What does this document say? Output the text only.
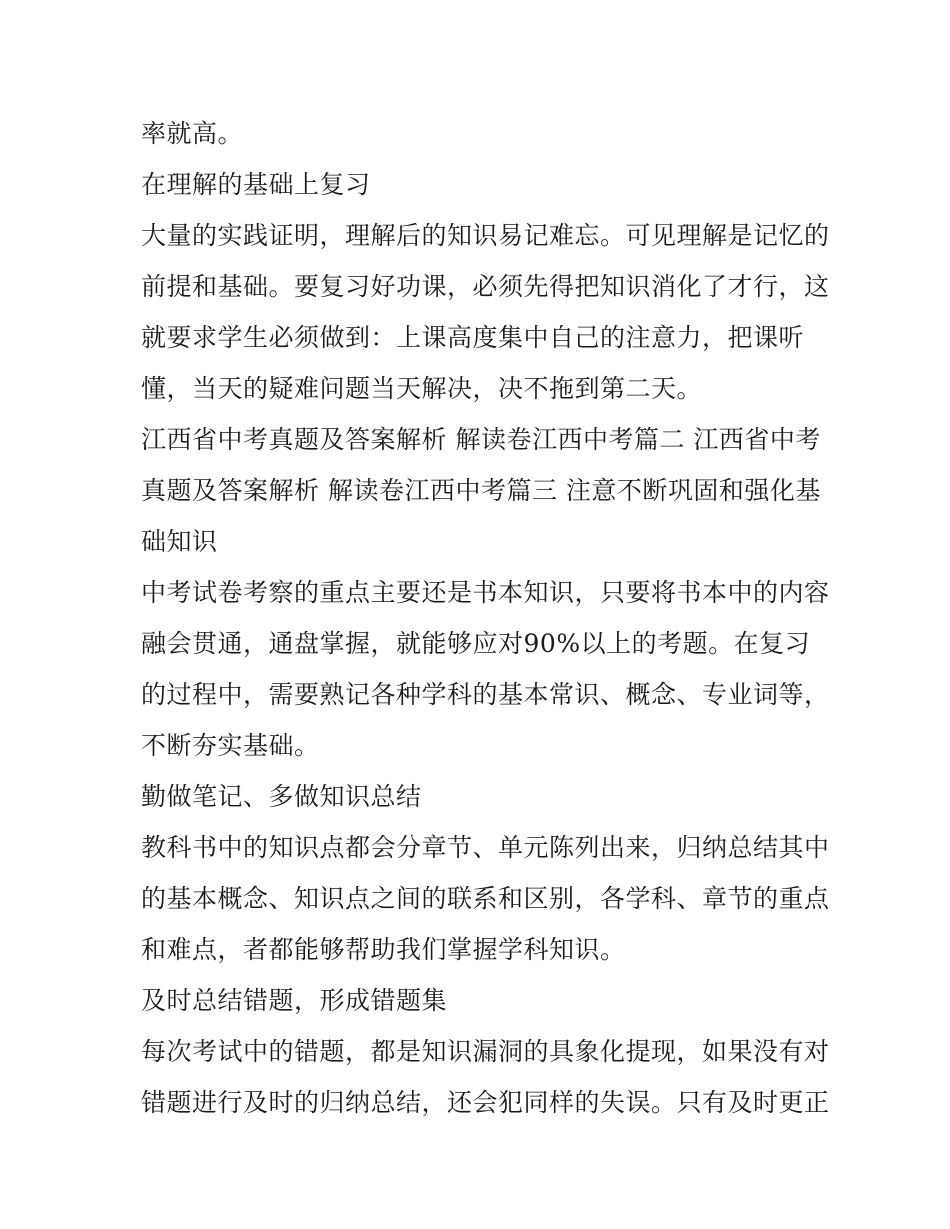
率就高。
在理解的基础上复习
大量的实践证明，理解后的知识易记难忘。可见理解是记忆的
前提和基础。要复习好功课，必须先得把知识消化了才行，这
就要求学生必须做到：上课高度集中自己的注意力，把课听
懂，当天的疑难问题当天解决，决不拖到第二天。
江西省中考真题及答案解析 解读卷江西中考篇二 江西省中考
真题及答案解析 解读卷江西中考篇三 注意不断巩固和强化基
础知识
中考试卷考察的重点主要还是书本知识，只要将书本中的内容
融会贯通，通盘掌握，就能够应对90%以上的考题。在复习
的过程中，需要熟记各种学科的基本常识、概念、专业词等，
不断夯实基础。
勤做笔记、多做知识总结
教科书中的知识点都会分章节、单元陈列出来，归纳总结其中
的基本概念、知识点之间的联系和区别，各学科、章节的重点
和难点，者都能够帮助我们掌握学科知识。
及时总结错题，形成错题集
每次考试中的错题，都是知识漏洞的具象化提现，如果没有对
错题进行及时的归纳总结，还会犯同样的失误。只有及时更正
